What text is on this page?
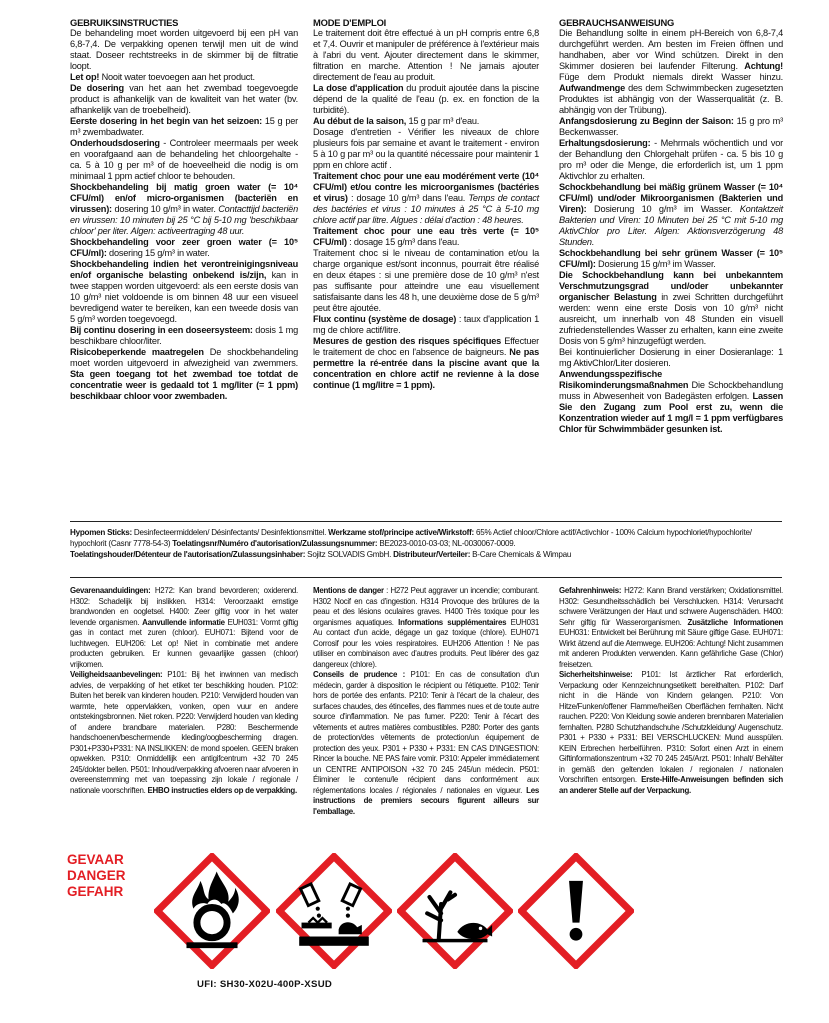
GEBRUIKSINSTRUCTIES

De behandeling moet worden uitgevoerd bij een pH van 6,8-7,4. De verpakking openen terwijl men uit de wind staat. Doseer rechtstreeks in de skimmer bij de filtratie loopt.

Let op! Nooit water toevoegen aan het product.

De dosering van het aan het zwembad toegevoegde product is afhankelijk van de kwaliteit van het water (bv. afhankelijk van de troebelheid).

Eerste dosering in het begin van het seizoen: 15 g per m³ zwembadwater.

Onderhoudsdosering - Controleer meermaals per week en voorafgaand aan de behandeling het chloorgehalte - ca. 5 à 10 g per m³ of de hoeveelheid die nodig is om minimaal 1 ppm actief chloor te behouden.

Shockbehandeling bij matig groen water (= 10⁴ CFU/ml) en/of micro-organismen (bacteriën en virussen): dosering 10 g/m³ in water. Contacttijd bacteriën en virussen: 10 minuten bij 25 °C bij 5-10 mg 'beschikbaar chloor' per liter. Algen: activeertraging 48 uur.

Shockbehandeling voor zeer groen water (= 10⁵ CFU/ml): dosering 15 g/m³ in water.

Shockbehandeling indien het verontreinigingsniveau en/of organische belasting onbekend is/zijn, kan in twee stappen worden uitgevoerd: als een eerste dosis van 10 g/m³ niet voldoende is om binnen 48 uur een visueel bevredigend water te bereiken, kan een tweede dosis van 5 g/m³ worden toegevoegd.

Bij continu dosering in een doseersysteem: dosis 1 mg beschikbare chloor/liter.

Risicobeperkende maatregelen De shockbehandeling moet worden uitgevoerd in afwezigheid van zwemmers. Sta geen toegang tot het zwembad toe totdat de concentratie weer is gedaald tot 1 mg/liter (= 1 ppm) beschikbaar chloor voor zwembaden.

MODE D'EMPLOI

Le traitement doit être effectué à un pH compris entre 6,8 et 7,4. Ouvrir et manipuler de préférence à l'extérieur mais à l'abri du vent. Ajouter directement dans le skimmer, filtration en marche. Attention ! Ne jamais ajouter directement de l'eau au produit.

La dose d'application du produit ajoutée dans la piscine dépend de la qualité de l'eau (p. ex. en fonction de la turbidité).

Au début de la saison, 15 g par m³ d'eau.

Dosage d'entretien - Vérifier les niveaux de chlore plusieurs fois par semaine et avant le traitement - environ 5 à 10 g par m³ ou la quantité nécessaire pour maintenir 1 ppm en chlore actif .

Traitement choc pour une eau modérément verte (10⁴ CFU/ml) et/ou contre les microorganismes (bactéries et virus) : dosage 10 g/m³ dans l'eau. Temps de contact des bactéries et virus : 10 minutes à 25 °C à 5-10 mg chlore actif par litre. Algues : délai d'action : 48 heures.

Traitement choc pour une eau très verte (= 10⁵ CFU/ml) : dosage 15 g/m³ dans l'eau.

Traitement choc si le niveau de contamination et/ou la charge organique est/sont inconnus, pourrait être réalisé en deux étapes : si une première dose de 10 g/m³ n'est pas suffisante pour atteindre une eau visuellement satisfaisante dans les 48 h, une deuxième dose de 5 g/m³ peut être ajoutée.

Flux continu (système de dosage) : taux d'application 1 mg de chlore actif/litre.

Mesures de gestion des risques spécifiques Effectuer le traitement de choc en l'absence de baigneurs. Ne pas permettre la ré-entrée dans la piscine avant que la concentration en chlore actif ne revienne à la dose continue (1 mg/litre = 1 ppm).

GEBRAUCHSANWEISUNG

Die Behandlung sollte in einem pH-Bereich von 6,8-7,4 durchgeführt werden. Am besten im Freien öffnen und handhaben, aber vor Wind schützen. Direkt in den Skimmer dosieren bei laufender Filterung. Achtung! Füge dem Produkt niemals direkt Wasser hinzu. Aufwandmenge des dem Schwimmbecken zugesetzten Produktes ist abhängig von der Wasserqualität (z. B. abhängig von der Trübung).

Anfangsdosierung zu Beginn der Saison: 15 g pro m³ Beckenwasser.

Erhaltungsdosierung: - Mehrmals wöchentlich und vor der Behandlung den Chlorgehalt prüfen - ca. 5 bis 10 g pro m³ oder die Menge, die erforderlich ist, um 1 ppm Aktivchlor zu erhalten.

Schockbehandlung bei mäßig grünem Wasser (= 10⁴ CFU/ml) und/oder Mikroorganismen (Bakterien und Viren): Dosierung 10 g/m³ im Wasser. Kontaktzeit Bakterien und Viren: 10 Minuten bei 25 °C mit 5-10 mg AktivChlor pro Liter. Algen: Aktionsverzögerung 48 Stunden.

Schockbehandlung bei sehr grünem Wasser (= 10⁵ CFU/ml): Dosierung 15 g/m³ im Wasser.

Die Schockbehandlung kann bei unbekanntem Verschmutzungsgrad und/oder unbekannter organischer Belastung in zwei Schritten durchgeführt werden: wenn eine erste Dosis von 10 g/m³ nicht ausreicht, um innerhalb von 48 Stunden ein visuell zufriedenstellendes Wasser zu erhalten, kann eine zweite Dosis von 5 g/m³ hinzugefügt werden.

Bei kontinuierlicher Dosierung in einer Dosieranlage: 1 mg AktivChlor/Liter dosieren.

Anwendungsspezifische Risikominderungsmaßnahmen Die Schockbehandlung muss in Abwesenheit von Badegästen erfolgen. Lassen Sie den Zugang zum Pool erst zu, wenn die Konzentration wieder auf 1 mg/l = 1 ppm verfügbares Chlor für Schwimmbäder gesunken ist.

Hypomen Sticks: Desinfecteermiddelen/ Désinfectants/ Desinfektionsmittel. Werkzame stof/principe active/Wirkstoff: 65% Actief chloor/Chlore actif/Activchlor - 100% Calcium hypochloriet/hypochlorite/

hypochlorit (Casnr 7778-54-3) Toelatingsnr/Numéro d'autorisation/Zulassungsnummer: BE2023-0010-03-03; NL-0030067-0009.

Toelatingshouder/Détenteur de l'autorisation/Zulassungsinhaber: Sojitz SOLVADIS GmbH. Distributeur/Verteiler: B-Care Chemicals & Wimpau

Gevarenaanduidingen: H272: Kan brand bevorderen; oxiderend. H302: Schadelijk bij inslikken. H314: Veroorzaakt ernstige brandwonden en oogletsel. H400: Zeer giftig voor in het water levende organismen. Aanvullende informatie EUH031: Vormt giftig gas in contact met zuren (chloor). EUH071: Bijtend voor de luchtwegen. EUH206: Let op! Niet in combinatie met andere producten gebruiken. Er kunnen gevaarlijke gassen (chloor) vrijkomen.

Veiligheidsaanbevelingen: P101: Bij het inwinnen van medisch advies, de verpakking of het etiket ter beschikking houden. P102: Buiten het bereik van kinderen houden. P210: Verwijderd houden van warmte, hete oppervlakken, vonken, open vuur en andere ontstekingsbronnen. Niet roken. P220: Verwijderd houden van kleding of andere brandbare materialen. P280: Beschermende handschoenen/beschermende kleding/oogbescherming dragen. P301+P330+P331: NA INSLIKKEN: de mond spoelen. GEEN braken opwekken. P310: Onmiddellijk een antigifcentrum +32 70 245 245/dokter bellen. P501: Inhoud/verpakking afvoeren naar afvoeren in overeenstemming met van toepassing zijn lokale / regionale / nationale voorschriften. EHBO instructies elders op de verpakking.

Mentions de danger : H272 Peut aggraver un incendie; comburant. H302 Nocif en cas d'ingestion. H314 Provoque des brûlures de la peau et des lésions oculaires graves. H400 Très toxique pour les organismes aquatiques. Informations supplémentaires EUH031 Au contact d'un acide, dégage un gaz toxique (chlore). EUH071 Corrosif pour les voies respiratoires. EUH206 Attention ! Ne pas utiliser en combinaison avec d'autres produits. Peut libérer des gaz dangereux (chlore).

Conseils de prudence : P101: En cas de consultation d'un médecin, garder à disposition le récipient ou l'étiquette. P102: Tenir hors de portée des enfants. P210: Tenir à l'écart de la chaleur, des surfaces chaudes, des étincelles, des flammes nues et de toute autre source d'inflammation. Ne pas fumer. P220: Tenir à l'écart des vêtements et autres matières combustibles. P280: Porter des gants de protection/des vêtements de protection/un équipement de protection des yeux. P301 + P330 + P331: EN CAS D'INGESTION: Rincer la bouche. NE PAS faire vomir. P310: Appeler immédiatement un CENTRE ANTIPOISON +32 70 245 245/un médecin. P501: Éliminer le contenu/le récipient dans conformément aux réglementations locales / régionales / nationales en vigueur. Les instructions de premiers secours figurent ailleurs sur l'emballage.

Gefahrenhinweis: H272: Kann Brand verstärken; Oxidationsmittel. H302: Gesundheitsschädlich bei Verschlucken. H314: Verursacht schwere Verätzungen der Haut und schwere Augenschäden. H400: Sehr giftig für Wasserorganismen. Zusätzliche Informationen EUH031: Entwickelt bei Berührung mit Säure giftige Gase. EUH071: Wirkt ätzend auf die Atemwege. EUH206: Achtung! Nicht zusammen mit anderen Produkten verwenden. Kann gefährliche Gase (Chlor) freisetzen.

Sicherheitshinweise: P101: Ist ärztlicher Rat erforderlich, Verpackung oder Kennzeichnungsetikett bereithalten. P102: Darf nicht in die Hände von Kindern gelangen. P210: Von Hitze/Funken/offener Flamme/heißen Oberflächen fernhalten. Nicht rauchen. P220: Von Kleidung sowie anderen brennbaren Materialien fernhalten. P280 Schutzhandschuhe /Schutzkleidung/ Augenschutz. P301 + P330 + P331: BEI VERSCHLUCKEN: Mund ausspülen. KEIN Erbrechen herbeiführen. P310: Sofort einen Arzt in einem Giftinformationszentrum +32 70 245 245/Arzt. P501: Inhalt/ Behälter in gemäß den geltenden lokalen / regionalen / nationalen Vorschriften entsorgen. Erste-Hilfe-Anweisungen befinden sich an anderer Stelle auf der Verpackung.

GEVAAR
DANGER
GEFAHR
UFI: SH30-X02U-400P-XSUD
